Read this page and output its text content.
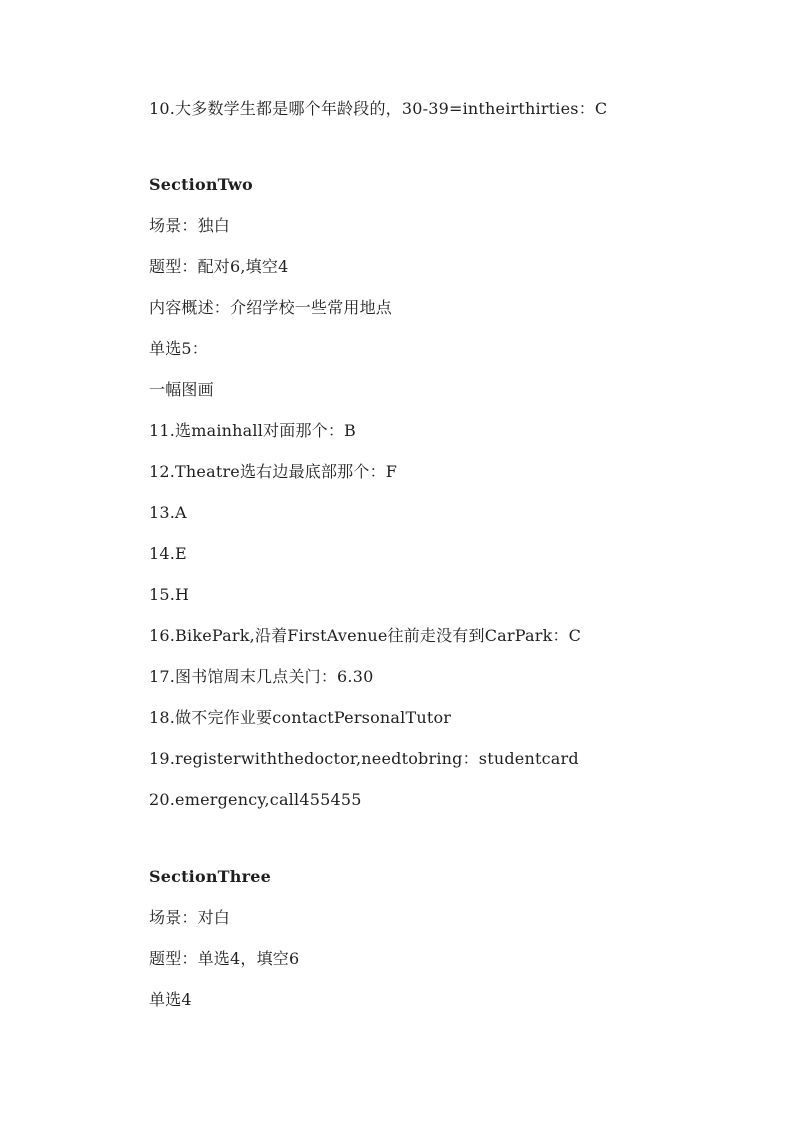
10.大多数学生都是哪个年龄段的，30-39=intheirthirties：C
SectionTwo
场景：独白
题型：配对6,填空4
内容概述：介绍学校一些常用地点
单选5：
一幅图画
11.选mainhall对面那个：B
12.Theatre选右边最底部那个：F
13.A
14.E
15.H
16.BikePark,沿着FirstAvenue往前走没有到CarPark：C
17.图书馆周末几点关门：6.30
18.做不完作业要contactPersonalTutor
19.registerwiththedoctor,needtobring：studentcard
20.emergency,call455455
SectionThree
场景：对白
题型：单选4，填空6
单选4
